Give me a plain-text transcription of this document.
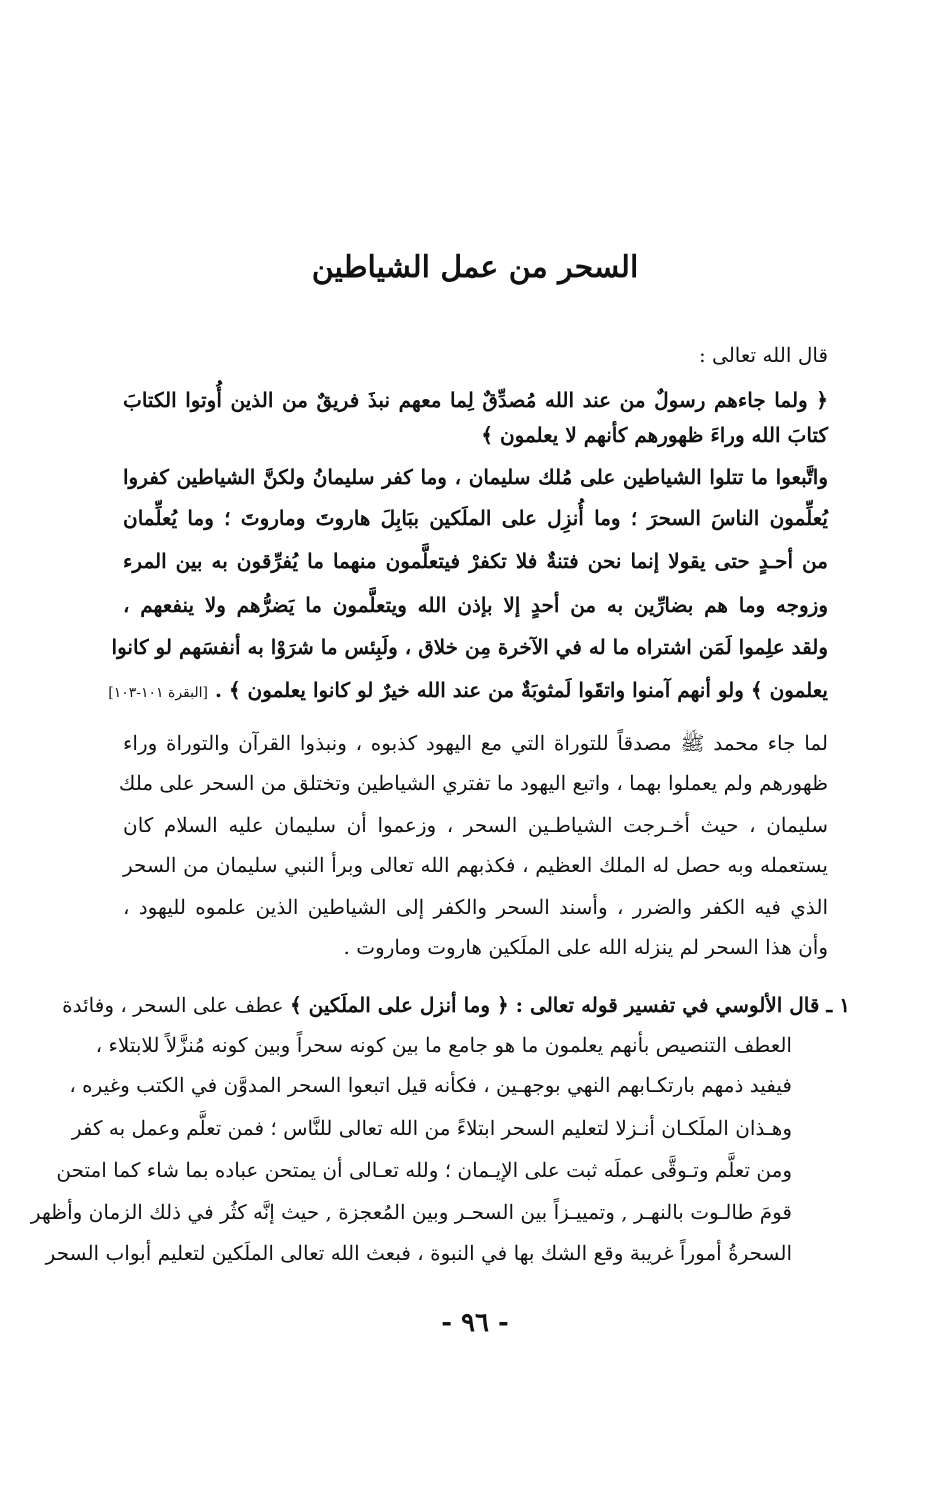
السحر من عمل الشياطين
قال الله تعالى :
﴿ ولما جاءهم رسولٌ من عند الله مُصدِّقٌ لِما معهم نبذَ فريقٌ من الذين أُوتوا الكتابَ
كتابَ الله وراءَ ظهورهم كأنهم لا يعلمون ﴾
واتَّبعوا ما تتلوا الشياطين على مُلك سليمان ، وما كفر سليمانُ ولكنَّ الشياطين كفروا
يُعلِّمون الناسَ السحرَ ؛ وما أُنزِل على الملَكين ببَابِلَ هاروتَ وماروتَ ؛ وما يُعلِّمان
من أحـدٍ حتى يقولا إنما نحن فتنةٌ فلا تكفرْ فيتعلَّمون منهما ما يُفرِّقون به بين المرء
وزوجه وما هم بضارِّين به من أحدٍ إلا بإذن الله ويتعلَّمون ما يَضرُّهم ولا ينفعهم ،
ولقد علِموا لَمَن اشتراه ما له في الآخرة مِن خلاق ، ولَبِئس ما شرَوْا به أنفسَهم لو كانوا
يعلمون ﴾ ولو أنهم آمنوا واتقَوا لَمثوبَةٌ من عند الله خيرٌ لو كانوا يعلمون ﴾ . [البقرة ١٠١-١٠٣]
لما جاء محمد ﷺ مصدقاً للتوراة التي مع اليهود كذبوه ، ونبذوا القرآن والتوراة وراء
ظهورهم ولم يعملوا بهما ، واتبع اليهود ما تفتري الشياطين وتختلق من السحر على ملك
سليمان ، حيث أخـرجت الشياطـين السحر ، وزعموا أن سليمان عليه السلام كان
يستعمله وبه حصل له الملك العظيم ، فكذبهم الله تعالى وبرأ النبي سليمان من السحر
الذي فيه الكفر والضرر ، وأسند السحر والكفر إلى الشياطين الذين علموه لليهود ،
وأن هذا السحر لم ينزله الله على الملَكين هاروت وماروت .
١ ـ قال الألوسي في تفسير قوله تعالى : ﴿ وما أنزل على الملَكين ﴾ عطف على السحر ، وفائدة
العطف التنصيص بأنهم يعلمون ما هو جامع ما بين كونه سحراً وبين كونه مُنزَّلاً للابتلاء ،
فيفيد ذمهم بارتكـابهم النهي بوجهـين ، فكأنه قيل اتبعوا السحر المدوَّن في الكتب وغيره ،
وهـذان الملَكـان أنـزلا لتعليم السحر ابتلاءً من الله تعالى للنَّاس ؛ فمن تعلَّم وعمل به كفر
ومن تعلَّم وتـوقَّى عملَه ثبت على الإيـمان ؛ ولله تعـالى أن يمتحن عباده بما شاء كما امتحن
قومَ طالـوت بالنهـر , وتمييـزاً بين السحـر وبين المُعجزة , حيث إنَّه كثُر في ذلك الزمان وأظهر
السحرةُ أموراً غريبة وقع الشك بها في النبوة ، فبعث الله تعالى الملَكين لتعليم أبواب السحر
- ٩٦ -
